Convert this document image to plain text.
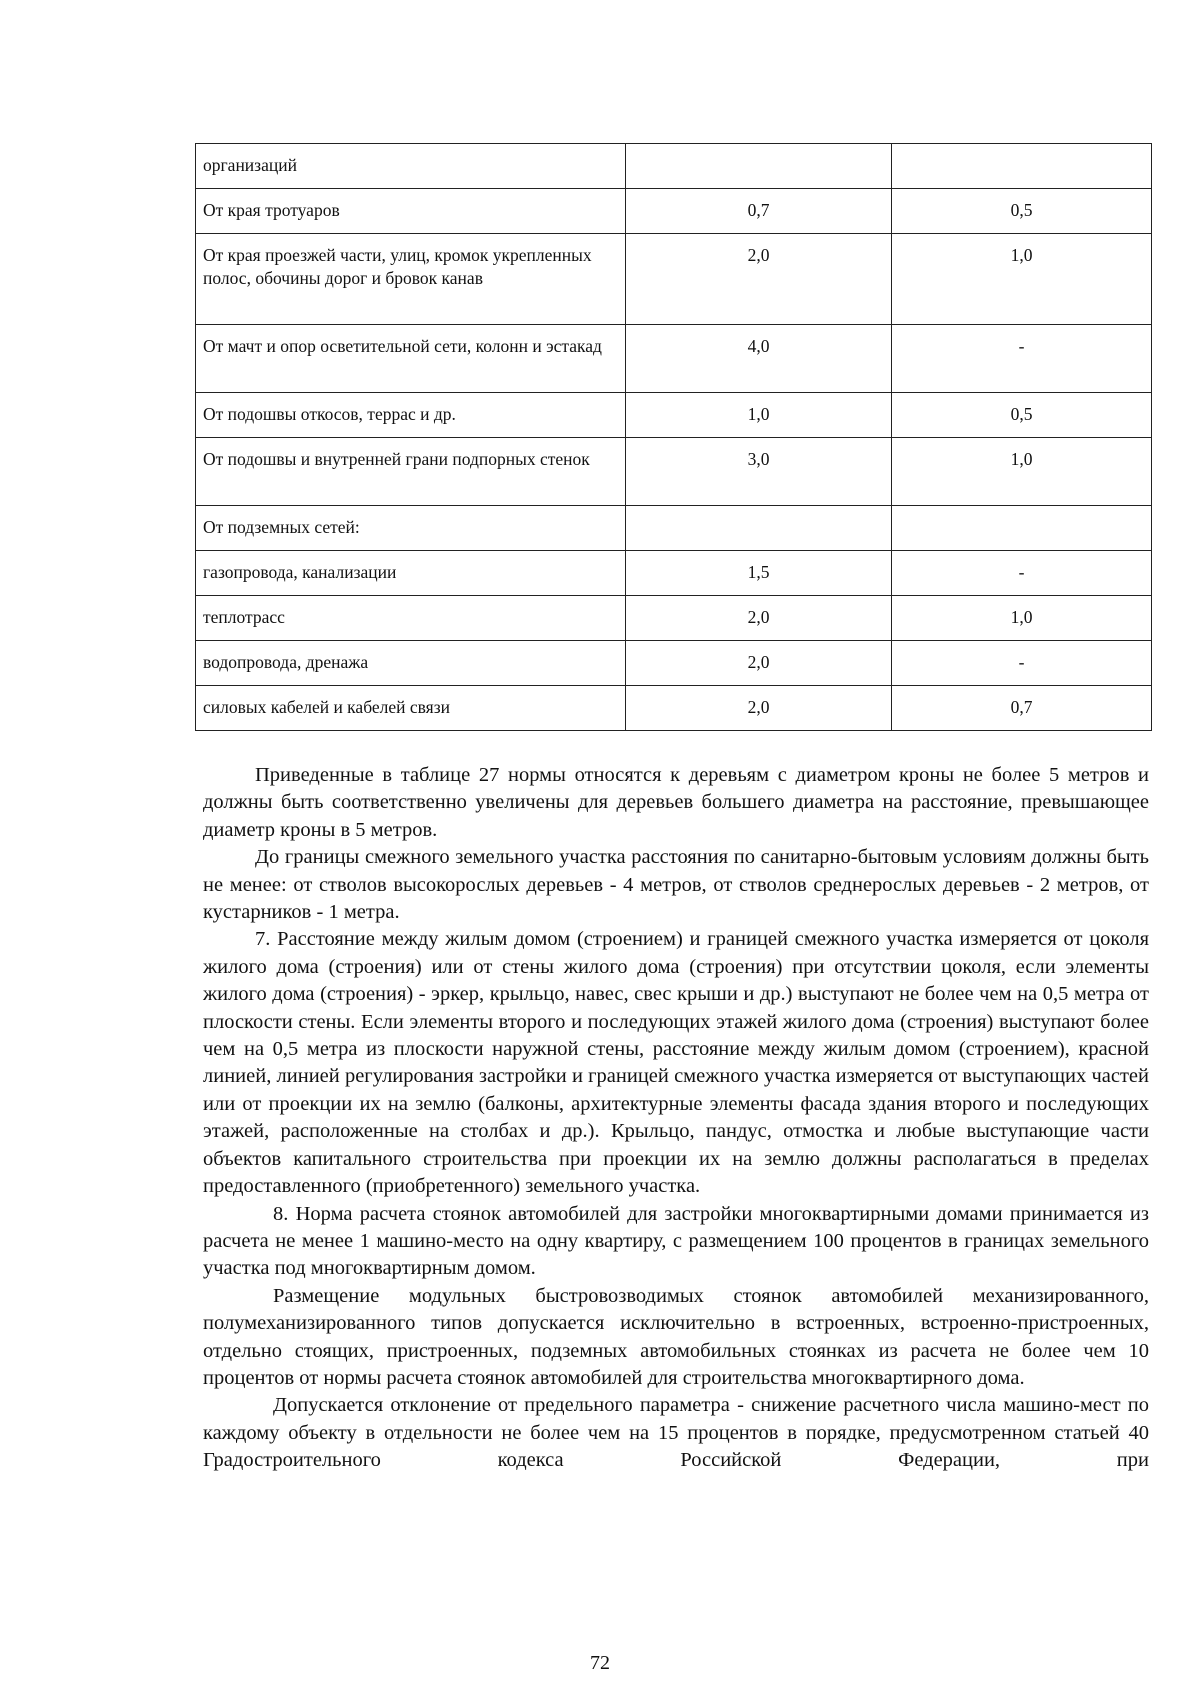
организаций		
От края тротуаров	0,7	0,5
От края проезжей части, улиц, кромок укрепленных полос, обочины дорог и бровок канав	2,0	1,0
От мачт и опор осветительной сети, колонн и эстакад	4,0	-
От подошвы откосов, террас и др.	1,0	0,5
От подошвы и внутренней грани подпорных стенок	3,0	1,0
От подземных сетей:		
газопровода, канализации	1,5	-
теплотрасс	2,0	1,0
водопровода, дренажа	2,0	-
силовых кабелей и кабелей связи	2,0	0,7

Приведенные в таблице 27 нормы относятся к деревьям с диаметром кроны не более 5 метров и должны быть соответственно увеличены для деревьев большего диаметра на расстояние, превышающее диаметр кроны в 5 метров.

До границы смежного земельного участка расстояния по санитарно-бытовым условиям должны быть не менее: от стволов высокорослых деревьев - 4 метров, от стволов среднерослых деревьев - 2 метров, от кустарников - 1 метра.

7. Расстояние между жилым домом (строением) и границей смежного участка измеряется от цоколя жилого дома (строения) или от стены жилого дома (строения) при отсутствии цоколя, если элементы жилого дома (строения) - эркер, крыльцо, навес, свес крыши и др.) выступают не более чем на 0,5 метра от плоскости стены. Если элементы второго и последующих этажей жилого дома (строения) выступают более чем на 0,5 метра из плоскости наружной стены, расстояние между жилым домом (строением), красной линией, линией регулирования застройки и границей смежного участка измеряется от выступающих частей или от проекции их на землю (балконы, архитектурные элементы фасада здания второго и последующих этажей, расположенные на столбах и др.). Крыльцо, пандус, отмостка и любые выступающие части объектов капитального строительства при проекции их на землю должны располагаться в пределах предоставленного (приобретенного) земельного участка.

8. Норма расчета стоянок автомобилей для застройки многоквартирными домами принимается из расчета не менее 1 машино-место на одну квартиру, с размещением 100 процентов в границах земельного участка под многоквартирным домом.

Размещение модульных быстровозводимых стоянок автомобилей механизированного, полумеханизированного типов допускается исключительно в встроенных, встроенно-пристроенных, отдельно стоящих, пристроенных, подземных автомобильных стоянках из расчета не более чем 10 процентов от нормы расчета стоянок автомобилей для строительства многоквартирного дома.

Допускается отклонение от предельного параметра - снижение расчетного числа машино-мест по каждому объекту в отдельности не более чем на 15 процентов в порядке, предусмотренном статьей 40 Градостроительного кодекса Российской Федерации, при

72
